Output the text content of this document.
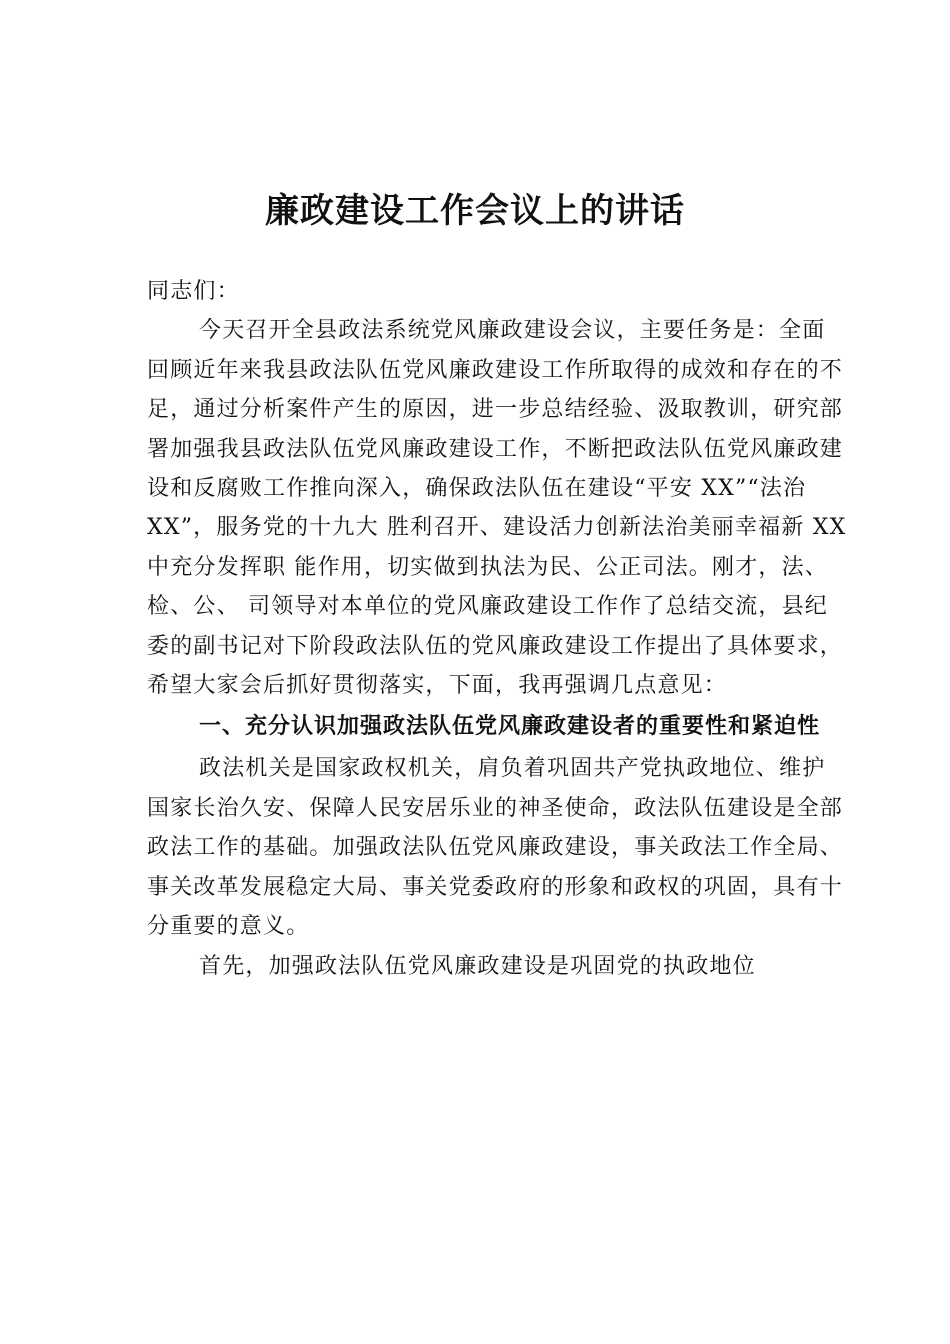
廉政建设工作会议上的讲话

同志们：

今天召开全县政法系统党风廉政建设会议，主要任务是：全面回顾近年来我县政法队伍党风廉政建设工作所取得的成效和存在的不足，通过分析案件产生的原因，进一步总结经验、汲取教训，研究部署加强我县政法队伍党风廉政建设工作，不断把政法队伍党风廉政建设和反腐败工作推向深入，确保政法队伍在建设“平安 XX”“法治 XX”，服务党的十九大 胜利召开、建设活力创新法治美丽幸福新 XX 中充分发挥职 能作用，切实做到执法为民、公正司法。刚才，法、检、公、 司领导对本单位的党风廉政建设工作作了总结交流，县纪委的副书记对下阶段政法队伍的党风廉政建设工作提出了具体要求，希望大家会后抓好贯彻落实，下面，我再强调几点意见：

一、充分认识加强政法队伍党风廉政建设者的重要性和紧迫性

政法机关是国家政权机关，肩负着巩固共产党执政地位、维护国家长治久安、保障人民安居乐业的神圣使命，政法队伍建设是全部政法工作的基础。加强政法队伍党风廉政建设，事关政法工作全局、事关改革发展稳定大局、事关党委政府的形象和政权的巩固，具有十分重要的意义。

首先，加强政法队伍党风廉政建设是巩固党的执政地位
